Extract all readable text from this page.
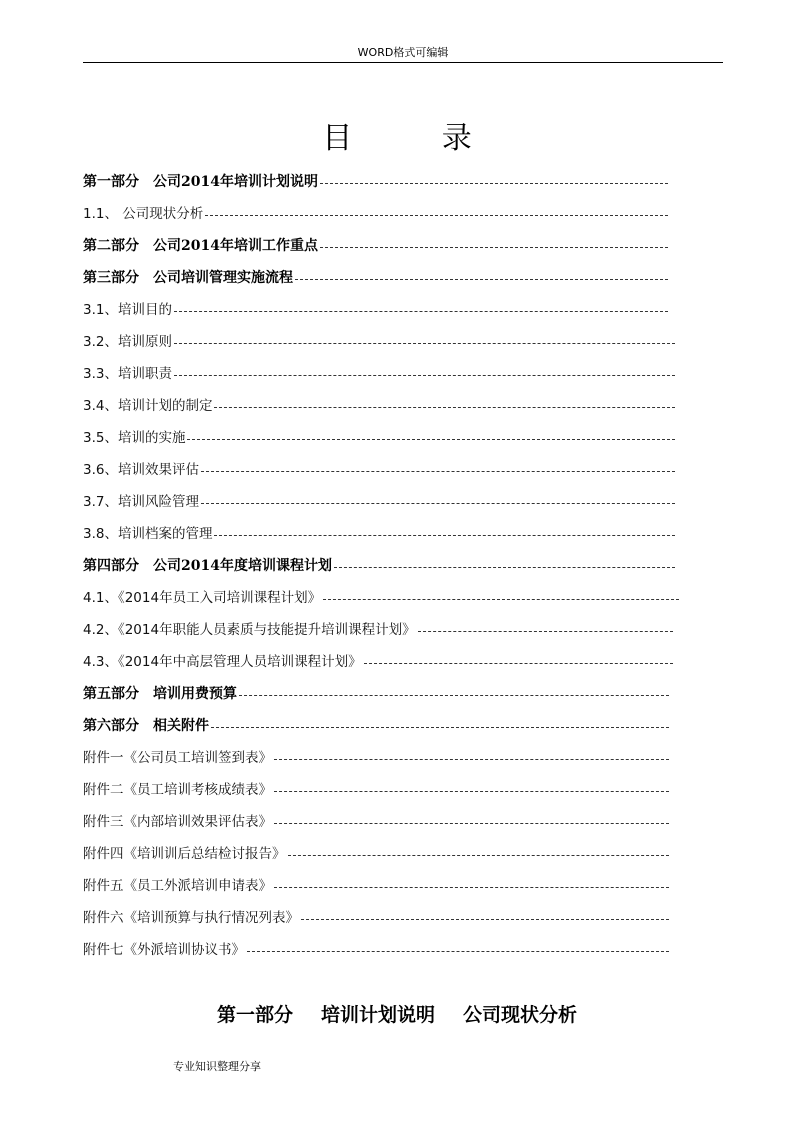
WORD格式可编辑
目 录
第一部分　公司2014年培训计划说明
1.1、 公司现状分析
第二部分　公司2014年培训工作重点
第三部分　公司培训管理实施流程
3.1、培训目的
3.2、培训原则
3.3、培训职责
3.4、培训计划的制定
3.5、培训的实施
3.6、培训效果评估
3.7、培训风险管理
3.8、培训档案的管理
第四部分　公司2014年度培训课程计划
4.1、《2014年员工入司培训课程计划》
4.2、《2014年职能人员素质与技能提升培训课程计划》
4.3、《2014年中高层管理人员培训课程计划》
第五部分　培训用费预算
第六部分　相关附件
附件一《公司员工培训签到表》
附件二《员工培训考核成绩表》
附件三《内部培训效果评估表》
附件四《培训训后总结检讨报告》
附件五《员工外派培训申请表》
附件六《培训预算与执行情况列表》
附件七《外派培训协议书》
第一部分 培训计划说明 公司现状分析
专业知识整理分享
